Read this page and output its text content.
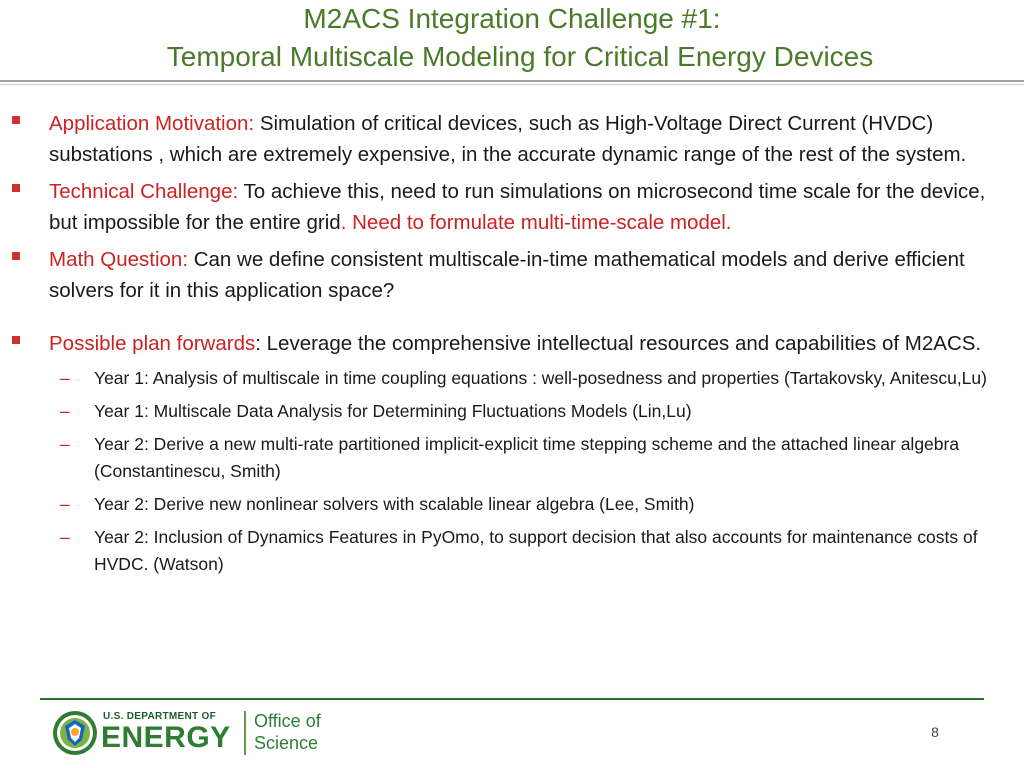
M2ACS Integration Challenge #1:
Temporal Multiscale Modeling for Critical Energy Devices
Application Motivation: Simulation of critical devices, such as High-Voltage Direct Current (HVDC) substations , which are extremely expensive, in the accurate dynamic range of the rest of the system.
Technical Challenge: To achieve this, need to run simulations on microsecond time scale for the device, but impossible for the entire grid. Need to formulate multi-time-scale model.
Math Question: Can we define consistent multiscale-in-time mathematical models and derive efficient solvers for it in this application space?
Possible plan forwards: Leverage the comprehensive intellectual resources and capabilities of M2ACS.
– Year 1: Analysis of multiscale in time coupling equations : well-posedness and properties (Tartakovsky, Anitescu,Lu)
– Year 1: Multiscale Data Analysis for Determining Fluctuations Models (Lin,Lu)
– Year 2: Derive a new multi-rate partitioned implicit-explicit time stepping scheme and the attached linear algebra (Constantinescu, Smith)
– Year 2: Derive new nonlinear solvers with scalable linear algebra (Lee, Smith)
– Year 2: Inclusion of Dynamics Features in PyOmo, to support decision that also accounts for maintenance costs of HVDC. (Watson)
U.S. DEPARTMENT OF
ENERGY Office of
Science
8
